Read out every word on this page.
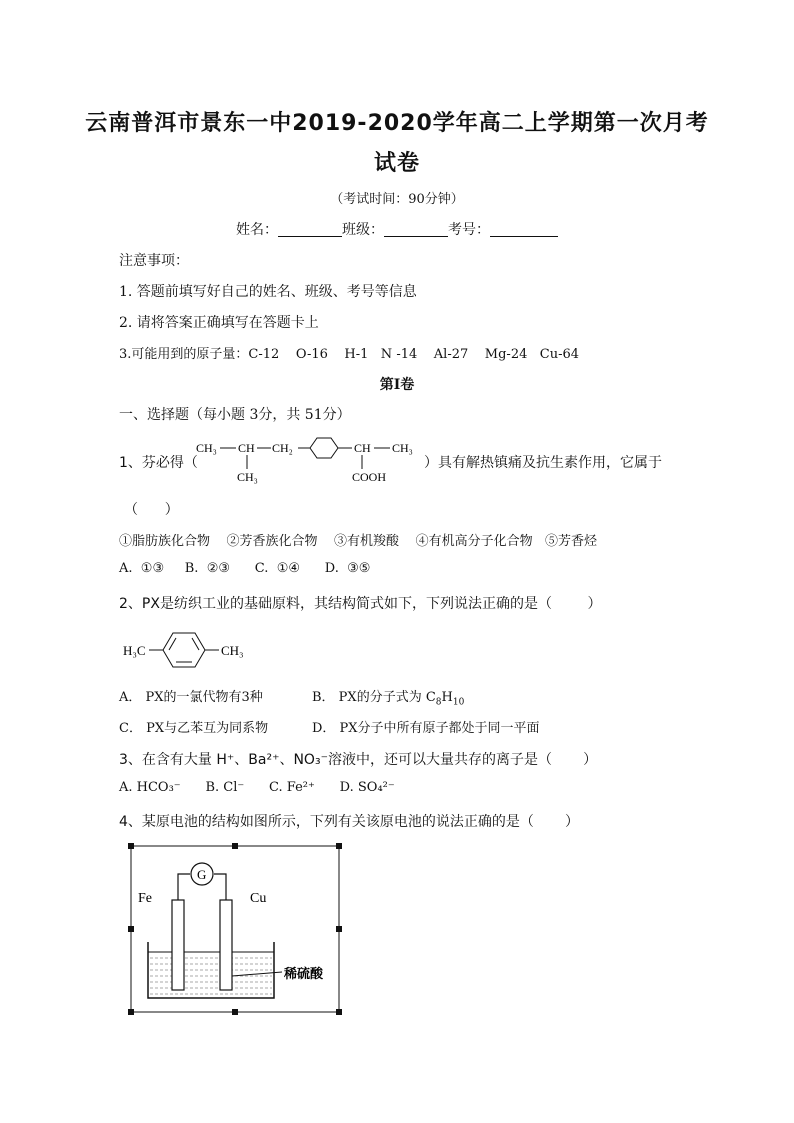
云南普洱市景东一中2019-2020学年高二上学期第一次月考
试卷
（考试时间：90分钟）
姓名：	班级：	考号：
注意事项：
1. 答题前填写好自己的姓名、班级、考号等信息
2. 请将答案正确填写在答题卡上
3.可能用到的原子量：C-12    O-16    H-1   N -14    Al-27    Mg-24   Cu-64
第Ⅰ卷
一、选择题（每小题 3分，共 51分）
1、芬必得（
CH₃ CH CH₂
CH₃
CH CH₃
COOH
）具有解热镇痛及抗生素作用，它属于
（      ）
①脂肪族化合物    ②芳香族化合物    ③有机羧酸    ④有机高分子化合物   ⑤芳香烃
A.  ①③     B.  ②③      C.  ①④      D.  ③⑤
2、PX是纺织工业的基础原料，其结构简式如下，下列说法正确的是（        ）
H₃C	CH₃
A． PX的一氯代物有3种	B． PX的分子式为 $C_8H_{10}$
C． PX与乙苯互为同系物	D． PX分子中所有原子都处于同一平面
3、在含有大量 H⁺、Ba²⁺、NO₃⁻溶液中，还可以大量共存的离子是（       ）
A. HCO₃⁻      B. Cl⁻      C. Fe²⁺      D. SO₄²⁻
4、某原电池的结构如图所示，下列有关该原电池的说法正确的是（       ）
G
Fe	Cu
稀硫酸
